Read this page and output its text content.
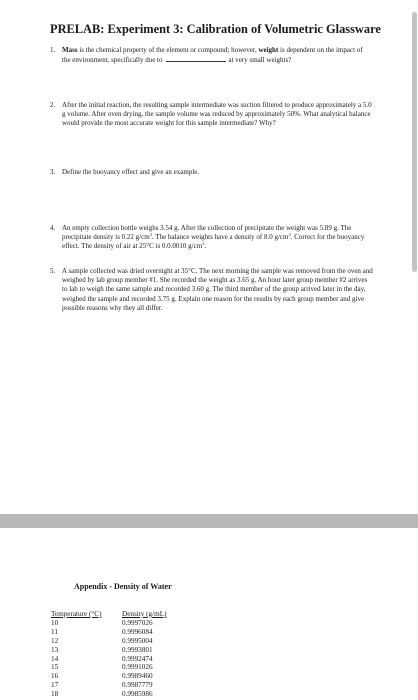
PRELAB: Experiment 3: Calibration of Volumetric Glassware
1. Mass is the chemical property of the element or compound; however, weight is dependent on the impact of the environment, specifically due to	at very small weights?

2. After the initial reaction, the resulting sample intermediate was suction filtered to produce approximately a 5.0 g volume. After oven drying, the sample volume was reduced by approximately 50%. What analytical balance would provide the most accurate weight for this sample intermediate? Why?

3. Define the buoyancy effect and give an example.

4. An empty collection bottle weighs 3.54 g. After the collection of precipitate the weight was 5.89 g. The precipitate density is 0.22 $g/cm^3$. The balance weights have a density of 8.0 $g/cm^3$. Correct for the buoyancy effect. The density of air at 25°C is 0.0.0010 $g/cm^3$.

5. A sample collected was dried overnight at 35°C. The next morning the sample was removed from the oven and weighed by lab group member #1. She recorded the weight as 3.65 g. An hour later group member #2 arrives to lab to weigh the same sample and recorded 3.60 g. The third member of the group arrived later in the day, weighed the sample and recorded 3.75 g. Explain one reason for the results by each group member and give possible reasons why they all differ.

Appendix - Density of Water
Temperature (°C)	Density (g/mL)
10	0.9997026
11	0.9996084
12	0.9995004
13	0.9993801
14	0.9992474
15	0.9991026
16	0.9989460
17	0.9987779
18	0.9985986
